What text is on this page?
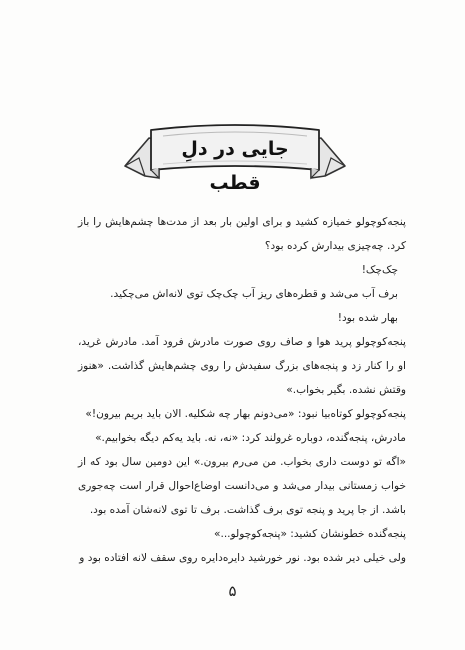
جایی در دلِ قطب

پنجه‌کوچولو خمیازه کشید و برای اولین بار بعد از مدت‌ها چشم‌هایش را باز کرد. چه‌چیزی بیدارش کرده بود؟

چک‌چک!

برف آب می‌شد و قطره‌های ریز آب چک‌چک توی لانه‌اش می‌چکید.

بهار شده بود!

پنجه‌کوچولو پرید هوا و صاف روی صورت مادرش فرود آمد. مادرش غرید، او را کنار زد و پنجه‌های بزرگ سفیدش را روی چشم‌هایش گذاشت. «هنوز وقتش نشده. بگیر بخواب.»

پنجه‌کوچولو کوتاه‌بیا نبود: «می‌دونم بهار چه شکلیه. الان باید بریم بیرون!»

مادرش، پنجه‌گنده، دوباره غرولند کرد: «نه، نه. باید یه‌کم دیگه بخوابیم.»

«اگه تو دوست داری بخواب. من می‌رم بیرون.» این دومین سال بود که از خواب زمستانی بیدار می‌شد و می‌دانست اوضاع‌احوال قرار است چه‌جوری باشد. از جا پرید و پنجه توی برف گذاشت. برف تا توی لانه‌شان آمده بود.

پنجه‌گنده خطونشان کشید: «پنجه‌کوچولو...»

ولی خیلی دیر شده بود. نور خورشید دایره‌دایره روی سقف لانه افتاده بود و

۵
